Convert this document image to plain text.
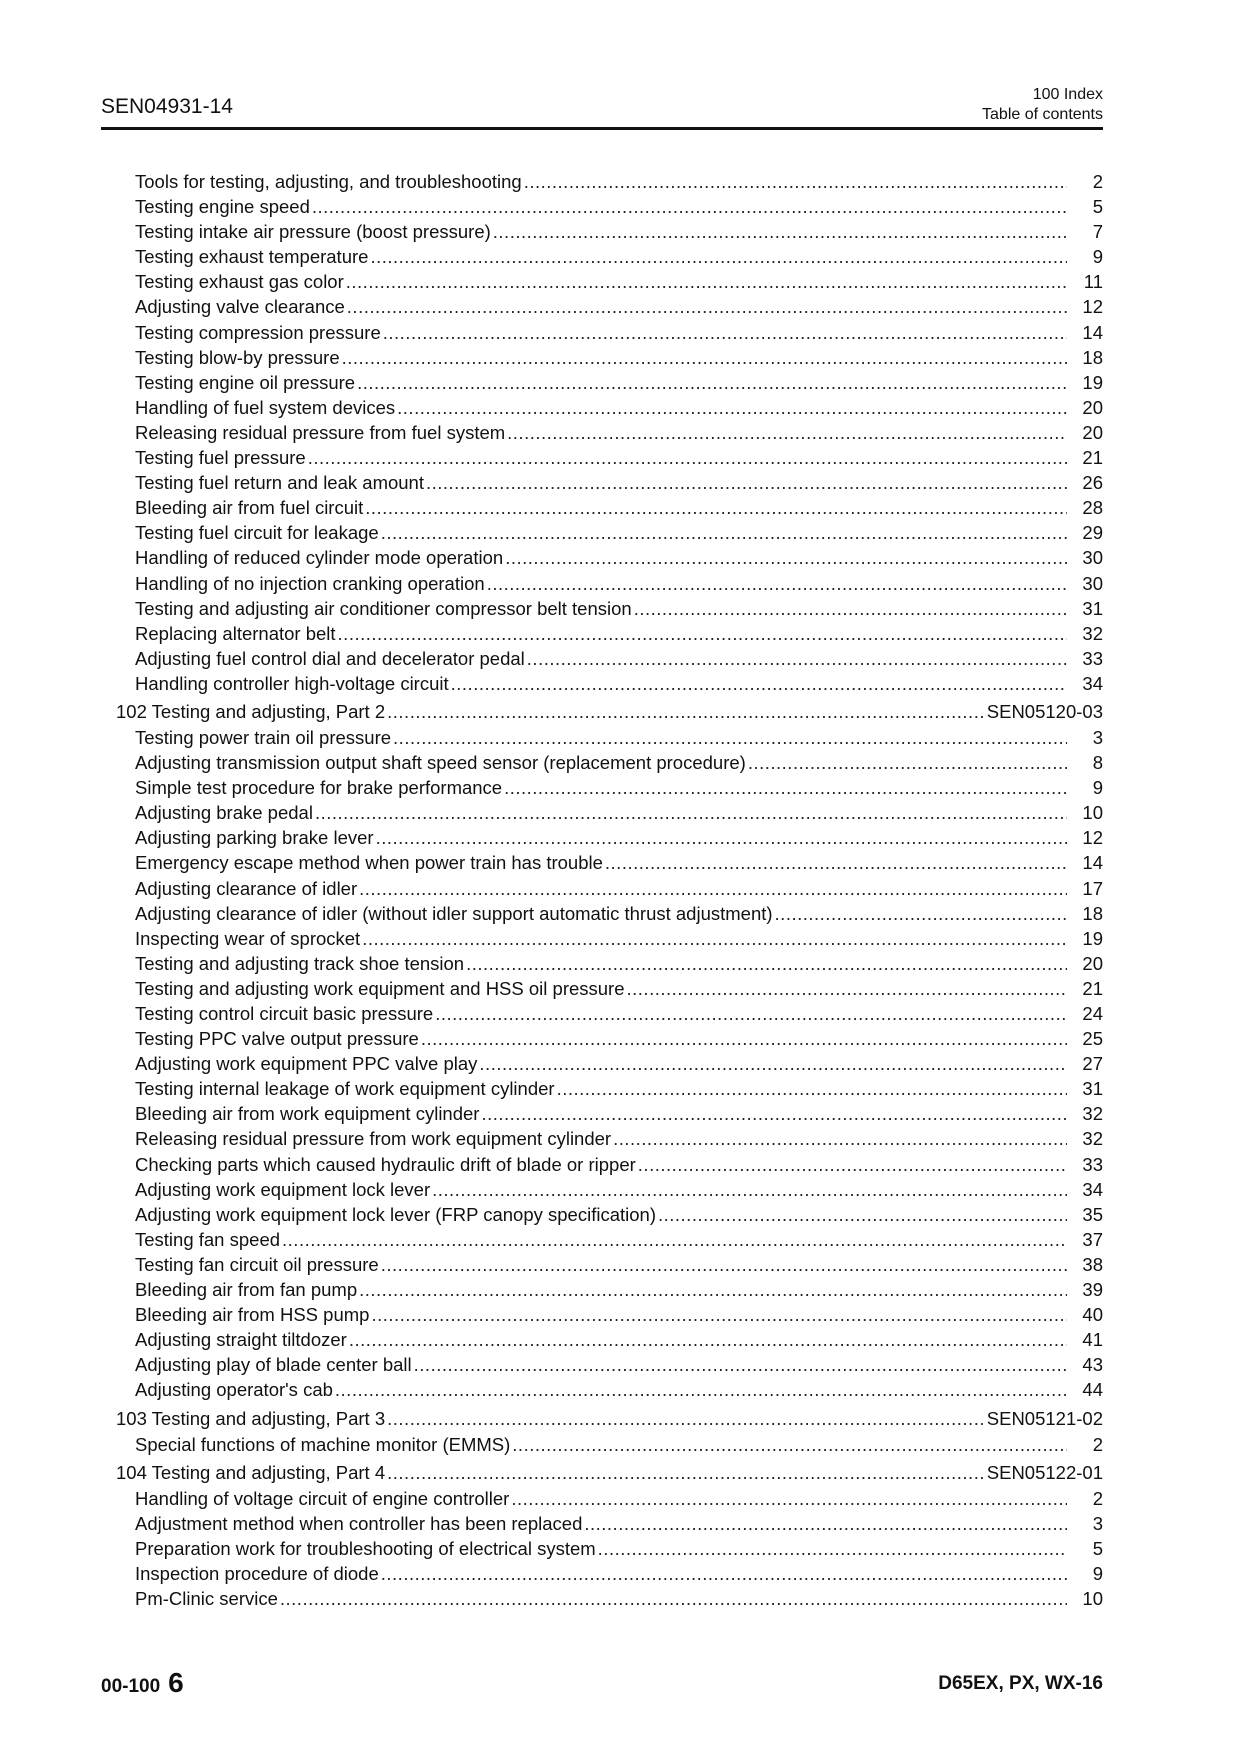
SEN04931-14
100 Index
Table of contents
Tools for testing, adjusting, and troubleshooting .....	2
Testing engine speed .....	5
Testing intake air pressure (boost pressure) .....	7
Testing exhaust temperature .....	9
Testing exhaust gas color .....	11
Adjusting valve clearance .....	12
Testing compression pressure .....	14
Testing blow-by pressure .....	18
Testing engine oil pressure .....	19
Handling of fuel system devices .....	20
Releasing residual pressure from fuel system .....	20
Testing fuel pressure .....	21
Testing fuel return and leak amount .....	26
Bleeding air from fuel circuit .....	28
Testing fuel circuit for leakage .....	29
Handling of reduced cylinder mode operation .....	30
Handling of no injection cranking operation .....	30
Testing and adjusting air conditioner compressor belt tension .....	31
Replacing alternator belt .....	32
Adjusting fuel control dial and decelerator pedal .....	33
Handling controller high-voltage circuit .....	34
102 Testing and adjusting, Part 2 .....	SEN05120-03
Testing power train oil pressure .....	3
Adjusting transmission output shaft speed sensor (replacement procedure) .....	8
Simple test procedure for brake performance .....	9
Adjusting brake pedal .....	10
Adjusting parking brake lever .....	12
Emergency escape method when power train has trouble .....	14
Adjusting clearance of idler .....	17
Adjusting clearance of idler (without idler support automatic thrust adjustment) .....	18
Inspecting wear of sprocket .....	19
Testing and adjusting track shoe tension .....	20
Testing and adjusting work equipment and HSS oil pressure .....	21
Testing control circuit basic pressure .....	24
Testing PPC valve output pressure .....	25
Adjusting work equipment PPC valve play .....	27
Testing internal leakage of work equipment cylinder .....	31
Bleeding air from work equipment cylinder .....	32
Releasing residual pressure from work equipment cylinder .....	32
Checking parts which caused hydraulic drift of blade or ripper .....	33
Adjusting work equipment lock lever .....	34
Adjusting work equipment lock lever (FRP canopy specification) .....	35
Testing fan speed .....	37
Testing fan circuit oil pressure .....	38
Bleeding air from fan pump .....	39
Bleeding air from HSS pump .....	40
Adjusting straight tiltdozer .....	41
Adjusting play of blade center ball .....	43
Adjusting operator's cab .....	44
103 Testing and adjusting, Part 3 .....	SEN05121-02
Special functions of machine monitor (EMMS) .....	2
104 Testing and adjusting, Part 4 .....	SEN05122-01
Handling of voltage circuit of engine controller .....	2
Adjustment method when controller has been replaced .....	3
Preparation work for troubleshooting of electrical system .....	5
Inspection procedure of diode .....	9
Pm-Clinic service .....	10
00-100 6	D65EX, PX, WX-16
